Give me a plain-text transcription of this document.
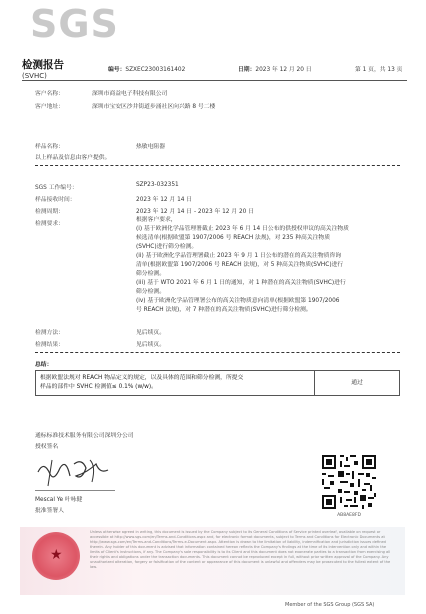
SGS
检测报告
(SVHC)
编号：SZXEC23003161402	日期：2023 年 12 月 20 日	第 1 页，共 13 页
客户名称：	深圳市商益电子科技有限公司
客户地址：	深圳市宝安区沙井街道步涌社区向兴路 8 号二楼
样品名称：	热敏电阻器
以上样品及信息由客户提供。
SGS 工作编号：	SZP23-032351
样品接收时间：	2023 年 12 月 14 日
检测周期：	2023 年 12 月 14 日 - 2023 年 12 月 20 日
检测要求：
根据客户要求，
(i) 基于欧洲化学品管理署截止 2023 年 6 月 14 日公布的供授权审议的高关注物质
候选清单(根据欧盟第 1907/2006 号 REACH 法规)，对 235 种高关注物质
(SVHC)进行筛分检测。
(ii) 基于欧洲化学品管理署截止 2023 年 9 月 1 日公布的潜在的高关注物质咨询
清单(根据欧盟第 1907/2006 号 REACH 法规)，对 5 种高关注物质(SVHC)进行
筛分检测。
(iii) 基于 WTO 2021 年 6 月 1 日的通知，对 1 种潜在的高关注物质(SVHC)进行
筛分检测。
(iv) 基于欧洲化学品管理署公布的高关注物质意向清单(根据欧盟第 1907/2006
号 REACH 法规)，对 7 种潜在的高关注物质(SVHC)进行筛分检测。
检测方法：	见后续页。
检测结果：	见后续页。
总结：
根据欧盟法规对 REACH 物品定义的规定，以及具体的范围和筛分检测，所提交
样品的部件中 SVHC 检测值≤ 0.1% (w/w)。
	通过
通标标准技术服务有限公司深圳分公司
授权签名
Mescal Ye 叶咏健
批准签署人
AB8AE8FD
★
Unless otherwise agreed in writing, this document is issued by the Company subject to its General Conditions of Service printed overleaf, available on request or accessible at http://www.sgs.com/en/Terms-and-Conditions.aspx and, for electronic format documents, subject to Terms and Conditions for Electronic Documents at http://www.sgs.com/en/Terms-and-Conditions/Terms-e-Document.aspx. Attention is drawn to the limitation of liability, indemnification and jurisdiction issues defined therein. Any holder of this document is advised that information contained hereon reflects the Company's findings at the time of its intervention only and within the limits of Client's instructions, if any. The Company's sole responsibility is to its Client and this document does not exonerate parties to a transaction from exercising all their rights and obligations under the transaction documents. This document cannot be reproduced except in full, without prior written approval of the Company. Any unauthorized alteration, forgery or falsification of the content or appearance of this document is unlawful and offenders may be prosecuted to the fullest extent of the law.
Member of the SGS Group (SGS SA)
